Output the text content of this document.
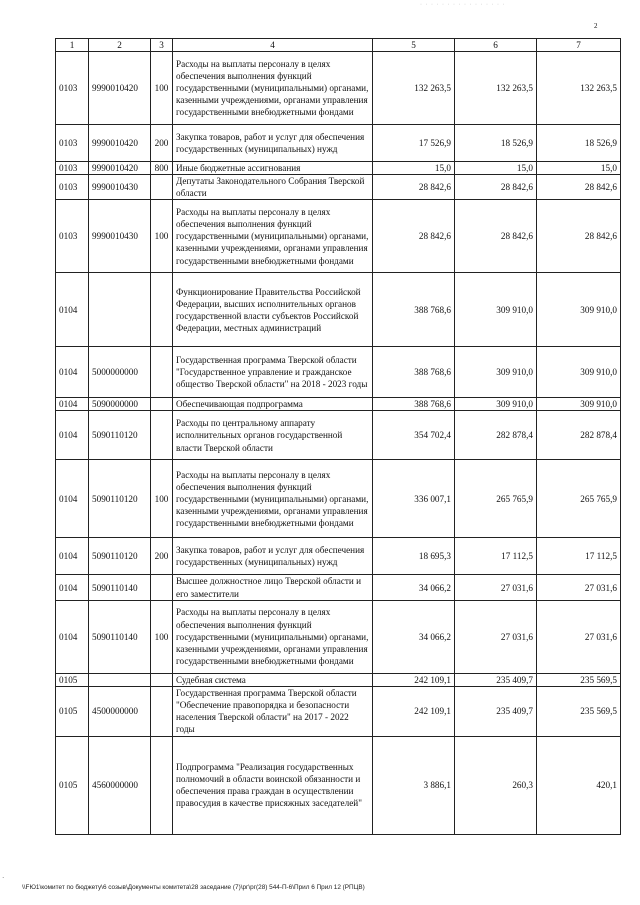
· · · · · · · · · · · · · · · ·
2
1	2	3	4	5	6	7
0103	9990010420	100	Расходы на выплаты персоналу в целях обеспечения выполнения функций государственными (муниципальными) органами, казенными учреждениями, органами управления государственными внебюджетными фондами	132 263,5	132 263,5	132 263,5
0103	9990010420	200	Закупка товаров, работ и услуг для обеспечения государственных (муниципальных) нужд	17 526,9	18 526,9	18 526,9
0103	9990010420	800	Иные бюджетные ассигнования	15,0	15,0	15,0
0103	9990010430		Депутаты Законодательного Собрания Тверской области	28 842,6	28 842,6	28 842,6
0103	9990010430	100	Расходы на выплаты персоналу в целях обеспечения выполнения функций государственными (муниципальными) органами, казенными учреждениями, органами управления государственными внебюджетными фондами	28 842,6	28 842,6	28 842,6
0104			Функционирование Правительства Российской Федерации, высших исполнительных органов государственной власти субъектов Российской Федерации, местных администраций	388 768,6	309 910,0	309 910,0
0104	5000000000		Государственная программа Тверской области "Государственное управление и гражданское общество Тверской области" на 2018 - 2023 годы	388 768,6	309 910,0	309 910,0
0104	5090000000		Обеспечивающая подпрограмма	388 768,6	309 910,0	309 910,0
0104	5090110120		Расходы по центральному аппарату исполнительных органов государственной власти Тверской области	354 702,4	282 878,4	282 878,4
0104	5090110120	100	Расходы на выплаты персоналу в целях обеспечения выполнения функций государственными (муниципальными) органами, казенными учреждениями, органами управления государственными внебюджетными фондами	336 007,1	265 765,9	265 765,9
0104	5090110120	200	Закупка товаров, работ и услуг для обеспечения государственных (муниципальных) нужд	18 695,3	17 112,5	17 112,5
0104	5090110140		Высшее должностное лицо Тверской области и его заместители	34 066,2	27 031,6	27 031,6
0104	5090110140	100	Расходы на выплаты персоналу в целях обеспечения выполнения функций государственными (муниципальными) органами, казенными учреждениями, органами управления государственными внебюджетными фондами	34 066,2	27 031,6	27 031,6
0105			Судебная система	242 109,1	235 409,7	235 569,5
0105	4500000000		Государственная программа Тверской области "Обеспечение правопорядка и безопасности населения Тверской области" на 2017 - 2022 годы	242 109,1	235 409,7	235 569,5
0105	4560000000		Подпрограмма "Реализация государственных полномочий в области воинской обязанности и обеспечения права граждан в осуществлении правосудия в качестве присяжных заседателей"	3 886,1	260,3	420,1
·
\\FЮ1\комитет по бюджету\6 созыв\Документы комитета\28 заседание (7)\рг\рг(28) 544-П-6\Прил 6 Прил 12 (РПЦВ)
